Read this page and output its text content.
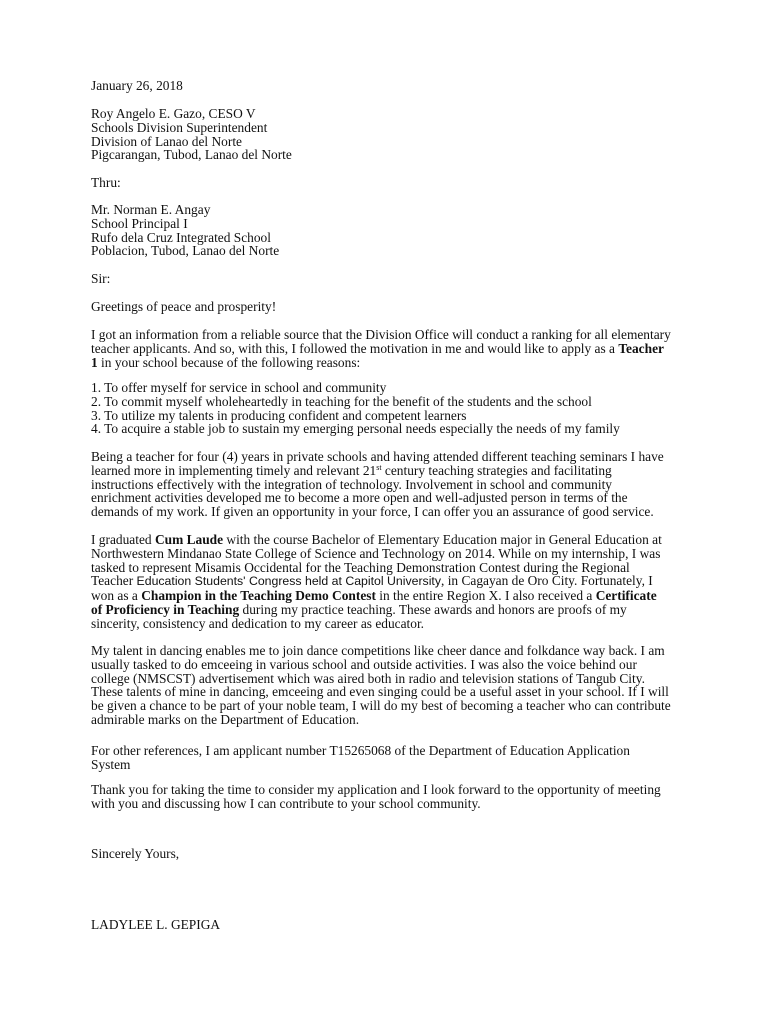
January 26, 2018

Roy Angelo E. Gazo, CESO V
Schools Division Superintendent
Division of Lanao del Norte
Pigcarangan, Tubod, Lanao del Norte

Thru:

Mr. Norman E. Angay
School Principal I
Rufo dela Cruz Integrated School
Poblacion, Tubod, Lanao del Norte

Sir:

Greetings of peace and prosperity!

I got an information from a reliable source that the Division Office will conduct a ranking for all elementary
teacher applicants. And so, with this, I followed the motivation in me and would like to apply as a Teacher
1 in your school because of the following reasons:

1. To offer myself for service in school and community
2. To commit myself wholeheartedly in teaching for the benefit of the students and the school
3. To utilize my talents in producing confident and competent learners
4. To acquire a stable job to sustain my emerging personal needs especially the needs of my family

Being a teacher for four (4) years in private schools and having attended different teaching seminars I have
learned more in implementing timely and relevant 21st century teaching strategies and facilitating
instructions effectively with the integration of technology. Involvement in school and community
enrichment activities developed me to become a more open and well-adjusted person in terms of the
demands of my work. If given an opportunity in your force, I can offer you an assurance of good service.

I graduated Cum Laude with the course Bachelor of Elementary Education major in General Education at
Northwestern Mindanao State College of Science and Technology on 2014. While on my internship, I was
tasked to represent Misamis Occidental for the Teaching Demonstration Contest during the Regional
Teacher Education Students' Congress held at Capitol University, in Cagayan de Oro City. Fortunately, I
won as a Champion in the Teaching Demo Contest in the entire Region X. I also received a Certificate
of Proficiency in Teaching during my practice teaching. These awards and honors are proofs of my
sincerity, consistency and dedication to my career as educator.

My talent in dancing enables me to join dance competitions like cheer dance and folkdance way back. I am
usually tasked to do emceeing in various school and outside activities. I was also the voice behind our
college (NMSCST) advertisement which was aired both in radio and television stations of Tangub City.
These talents of mine in dancing, emceeing and even singing could be a useful asset in your school. If I will
be given a chance to be part of your noble team, I will do my best of becoming a teacher who can contribute
admirable marks on the Department of Education.

For other references, I am applicant number T15265068 of the Department of Education Application
System

Thank you for taking the time to consider my application and I look forward to the opportunity of meeting
with you and discussing how I can contribute to your school community.

Sincerely Yours,

LADYLEE L. GEPIGA
